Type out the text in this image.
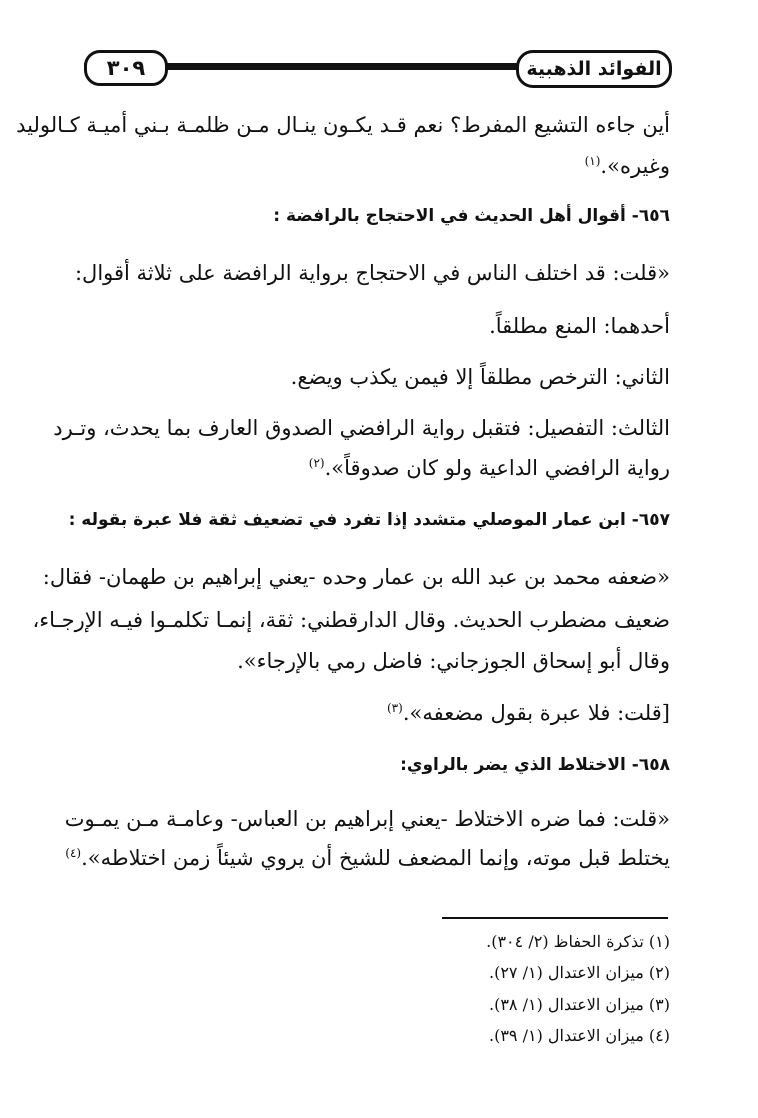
٣٠٩	الفوائد الذهبية
أين جاءه التشيع المفرط؟ نعم قـد يكـون ينـال مـن ظلمـة بـني أميـة كـالوليد
وغيره».$^{(١)}$
٦٥٦- أقوال أهل الحديث في الاحتجاج بالرافضة :
«قلت: قد اختلف الناس في الاحتجاج برواية الرافضة على ثلاثة أقوال:
أحدهما: المنع مطلقاً.
الثاني: الترخص مطلقاً إلا فيمن يكذب ويضع.
الثالث: التفصيل: فتقبل رواية الرافضي الصدوق العارف بما يحدث، وتـرد
رواية الرافضي الداعية ولو كان صدوقاً».$^{(٢)}$
٦٥٧- ابن عمار الموصلي متشدد إذا تفرد في تضعيف ثقة فلا عبرة بقوله :
«ضعفه محمد بن عبد الله بن عمار وحده -يعني إبراهيم بن طهمان- فقال:
ضعيف مضطرب الحديث. وقال الدارقطني: ثقة، إنمـا تكلمـوا فيـه الإرجـاء،
وقال أبو إسحاق الجوزجاني: فاضل رمي بالإرجاء».
[قلت: فلا عبرة بقول مضعفه».$^{(٣)}$
٦٥٨- الاختلاط الذي يضر بالراوي:
«قلت: فما ضره الاختلاط -يعني إبراهيم بن العباس- وعامـة مـن يمـوت
يختلط قبل موته، وإنما المضعف للشيخ أن يروي شيئاً زمن اختلاطه».$^{(٤)}$
(١) تذكرة الحفاظ (٢/ ٣٠٤).
(٢) ميزان الاعتدال (١/ ٢٧).
(٣) ميزان الاعتدال (١/ ٣٨).
(٤) ميزان الاعتدال (١/ ٣٩).
